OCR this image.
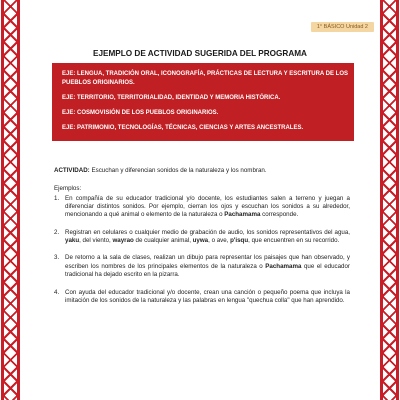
1° BÁSICO Unidad 2
EJEMPLO DE ACTIVIDAD SUGERIDA DEL PROGRAMA

EJE: LENGUA, TRADICIÓN ORAL, ICONOGRAFÍA, PRÁCTICAS DE LECTURA Y ESCRITURA DE LOS PUEBLOS ORIGINARIOS.

EJE: TERRITORIO, TERRITORIALIDAD, IDENTIDAD Y MEMORIA HISTÓRICA.

EJE: COSMOVISIÓN DE LOS PUEBLOS ORIGINARIOS.

EJE: PATRIMONIO, TECNOLOGÍAS, TÉCNICAS, CIENCIAS Y ARTES ANCESTRALES.

ACTIVIDAD: Escuchan y diferencian sonidos de la naturaleza y los nombran.

Ejemplos:

1. En compañía de su educador tradicional y/o docente, los estudiantes salen a terreno y juegan a diferenciar distintos sonidos. Por ejemplo, cierran los ojos y escuchan los sonidos a su alrededor, mencionando a qué animal o elemento de la naturaleza o Pachamama corresponde.
2. Registran en celulares o cualquier medio de grabación de audio, los sonidos representativos del agua, yaku, del viento, wayrao de cualquier animal, uywa, o ave, p'isqu, que encuentren en su recorrido.
3. De retorno a la sala de clases, realizan un dibujo para representar los paisajes que han observado, y escriben los nombres de los principales elementos de la naturaleza o Pachamama que el educador tradicional ha dejado escrito en la pizarra.
4. Con ayuda del educador tradicional y/o docente, crean una canción o pequeño poema que incluya la imitación de los sonidos de la naturaleza y las palabras en lengua "quechua colla" que han aprendido.
